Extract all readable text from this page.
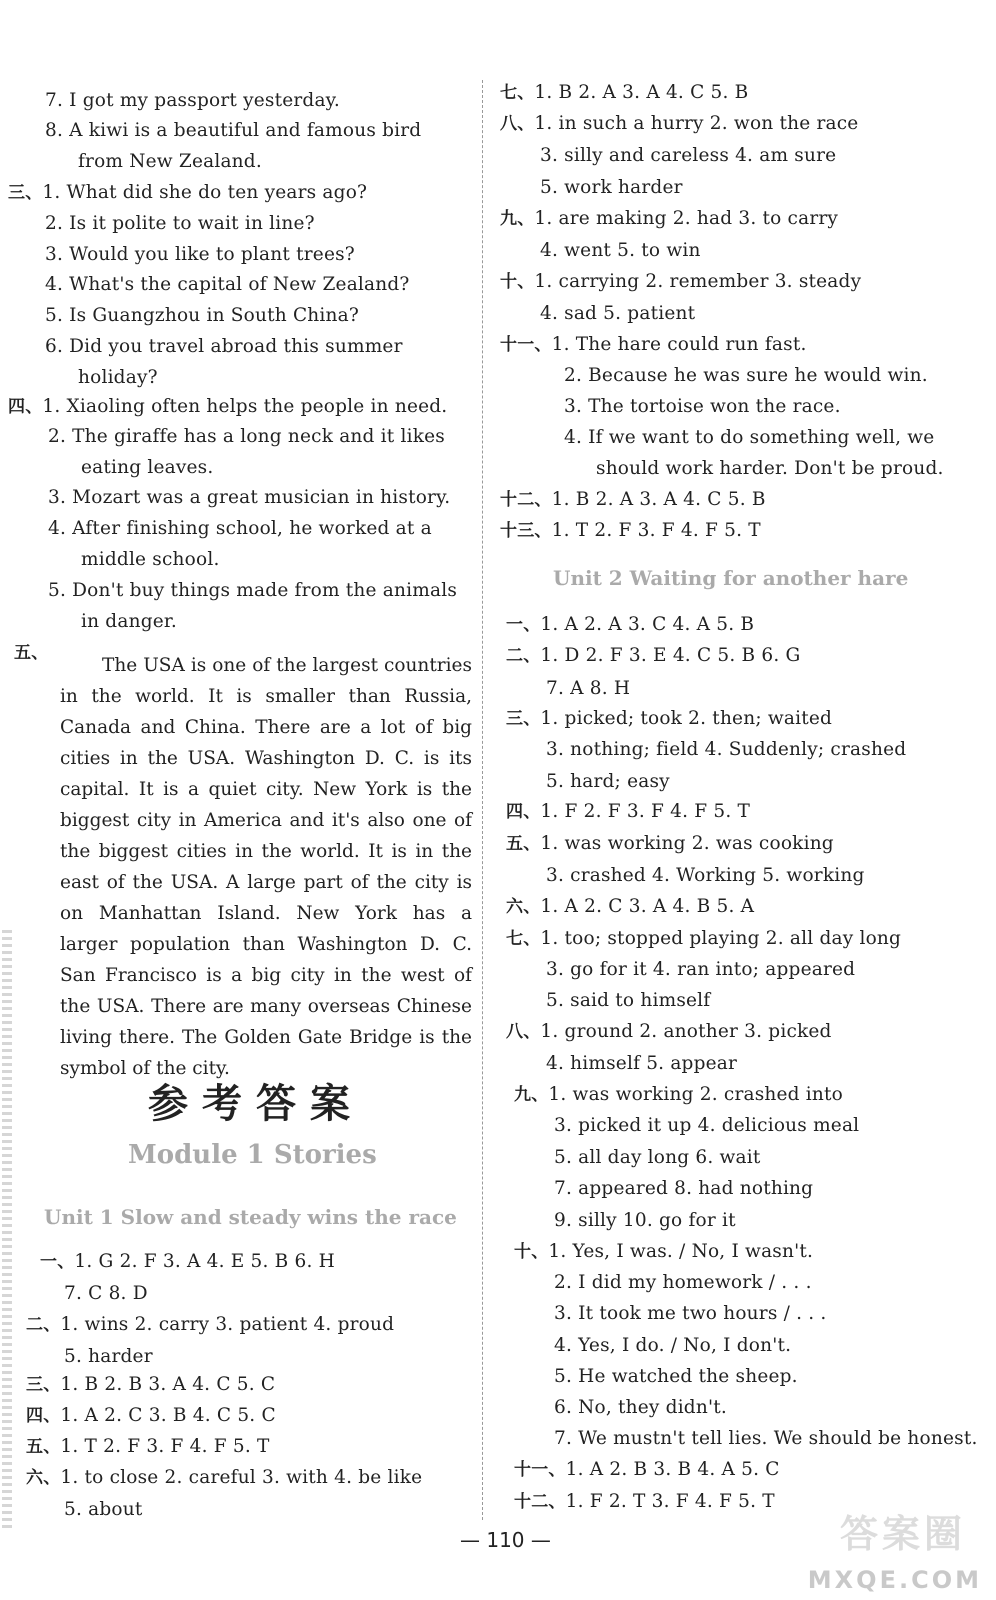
7. I got my passport yesterday.
8. A kiwi is a beautiful and famous bird
from New Zealand.
三、1. What did she do ten years ago?
2. Is it polite to wait in line?
3. Would you like to plant trees?
4. What's the capital of New Zealand?
5. Is Guangzhou in South China?
6. Did you travel abroad this summer
holiday?
四、1. Xiaoling often helps the people in need.
2. The giraffe has a long neck and it likes
eating leaves.
3. Mozart was a great musician in history.
4. After finishing school, he worked at a
middle school.
5. Don't buy things made from the animals
in danger.
五、
一、1. G 2. F 3. A 4. E 5. B 6. H
7. C 8. D
二、1. wins 2. carry 3. patient 4. proud
5. harder
三、1. B 2. B 3. A 4. C 5. C
四、1. A 2. C 3. B 4. C 5. C
五、1. T 2. F 3. F 4. F 5. T
六、1. to close 2. careful 3. with 4. be like
5. about
The USA is one of the largest countries in the world. It is smaller than Russia, Canada and China. There are a lot of big cities in the USA. Washington D. C. is its capital. It is a quiet city. New York is the biggest city in America and it's also one of the biggest cities in the world. It is in the east of the USA. A large part of the city is on Manhattan Island. New York has a larger population than Washington D. C. San Francisco is a big city in the west of the USA. There are many overseas Chinese living there. The Golden Gate Bridge is the symbol of the city.
参考答案
Module 1 Stories
Unit 1 Slow and steady wins the race
Unit 2 Waiting for another hare
七、1. B 2. A 3. A 4. C 5. B
八、1. in such a hurry 2. won the race
3. silly and careless 4. am sure
5. work harder
九、1. are making 2. had 3. to carry
4. went 5. to win
十、1. carrying 2. remember 3. steady
4. sad 5. patient
十一、1. The hare could run fast.
2. Because he was sure he would win.
3. The tortoise won the race.
4. If we want to do something well, we
should work harder. Don't be proud.
十二、1. B 2. A 3. A 4. C 5. B
十三、1. T 2. F 3. F 4. F 5. T
一、1. A 2. A 3. C 4. A 5. B
二、1. D 2. F 3. E 4. C 5. B 6. G
7. A 8. H
三、1. picked; took 2. then; waited
3. nothing; field 4. Suddenly; crashed
5. hard; easy
四、1. F 2. F 3. F 4. F 5. T
五、1. was working 2. was cooking
3. crashed 4. Working 5. working
六、1. A 2. C 3. A 4. B 5. A
七、1. too; stopped playing 2. all day long
3. go for it 4. ran into; appeared
5. said to himself
八、1. ground 2. another 3. picked
4. himself 5. appear
九、1. was working 2. crashed into
3. picked it up 4. delicious meal
5. all day long 6. wait
7. appeared 8. had nothing
9. silly 10. go for it
十、1. Yes, I was. / No, I wasn't.
2. I did my homework / . . .
3. It took me two hours / . . .
4. Yes, I do. / No, I don't.
5. He watched the sheep.
6. No, they didn't.
7. We mustn't tell lies. We should be honest.
十一、1. A 2. B 3. B 4. A 5. C
十二、1. F 2. T 3. F 4. F 5. T
— 110 —	答案圈
MXQE.COM
